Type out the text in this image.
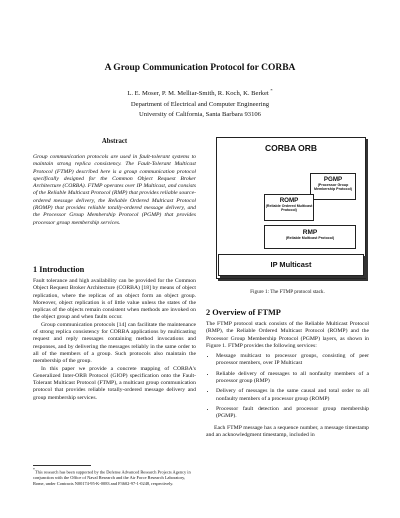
A Group Communication Protocol for CORBA
L. E. Moser, P. M. Melliar-Smith, R. Koch, K. Berket *
Department of Electrical and Computer Engineering
University of California, Santa Barbara 93106
Abstract

Group communication protocols are used in fault-tolerant systems to maintain strong replica consistency. The Fault-Tolerant Multicast Protocol (FTMP) described here is a group communication protocol specifically designed for the Common Object Request Broker Architecture (CORBA). FTMP operates over IP Multicast, and consists of the Reliable Multicast Protocol (RMP) that provides reliable source-ordered message delivery, the Reliable Ordered Multicast Protocol (ROMP) that provides reliable totally-ordered message delivery, and the Processor Group Membership Protocol (PGMP) that provides processor group membership services.

1 Introduction

Fault tolerance and high availability can be provided for the Common Object Request Broker Architecture (CORBA) [18] by means of object replication, where the replicas of an object form an object group. Moreover, object replication is of little value unless the states of the replicas of the objects remain consistent when methods are invoked on the object group and when faults occur.

Group communication protocols [14] can facilitate the maintenance of strong replica consistency for CORBA applications by multicasting request and reply messages containing method invocations and responses, and by delivering the messages reliably in the same order to all of the members of a group. Such protocols also maintain the membership of the group.

In this paper we provide a concrete mapping of CORBA's Generalized Inter-ORB Protocol (GIOP) specification onto the Fault-Tolerant Multicast Protocol (FTMP), a multicast group communication protocol that provides reliable totally-ordered message delivery and group membership services.

*This research has been supported by the Defense Advanced Research Projects Agency in conjunction with the Office of Naval Research and the Air Force Research Laboratory, Rome, under Contracts N00174-95-K-0083 and F3602-97-1-0248, respectively.
CORBA ORB
PGMP
(Processor Group Membership Protocol)
ROMP
(Reliable Ordered Multicast Protocol)
RMP
(Reliable Multicast Protocol)
IP Multicast
Figure 1: The FTMP protocol stack.
2 Overview of FTMP

The FTMP protocol stack consists of the Reliable Multicast Protocol (RMP), the Reliable Ordered Multicast Protocol (ROMP) and the Processor Group Membership Protocol (PGMP) layers, as shown in Figure 1. FTMP provides the following services:

• Message multicast to processor groups, consisting of peer processor members, over IP Multicast
• Reliable delivery of messages to all nonfaulty members of a processor group (RMP)
• Delivery of messages in the same causal and total order to all nonfaulty members of a processor group (ROMP)
• Processor fault detection and processor group membership (PGMP).

Each FTMP message has a sequence number, a message timestamp and an acknowledgment timestamp, included in
